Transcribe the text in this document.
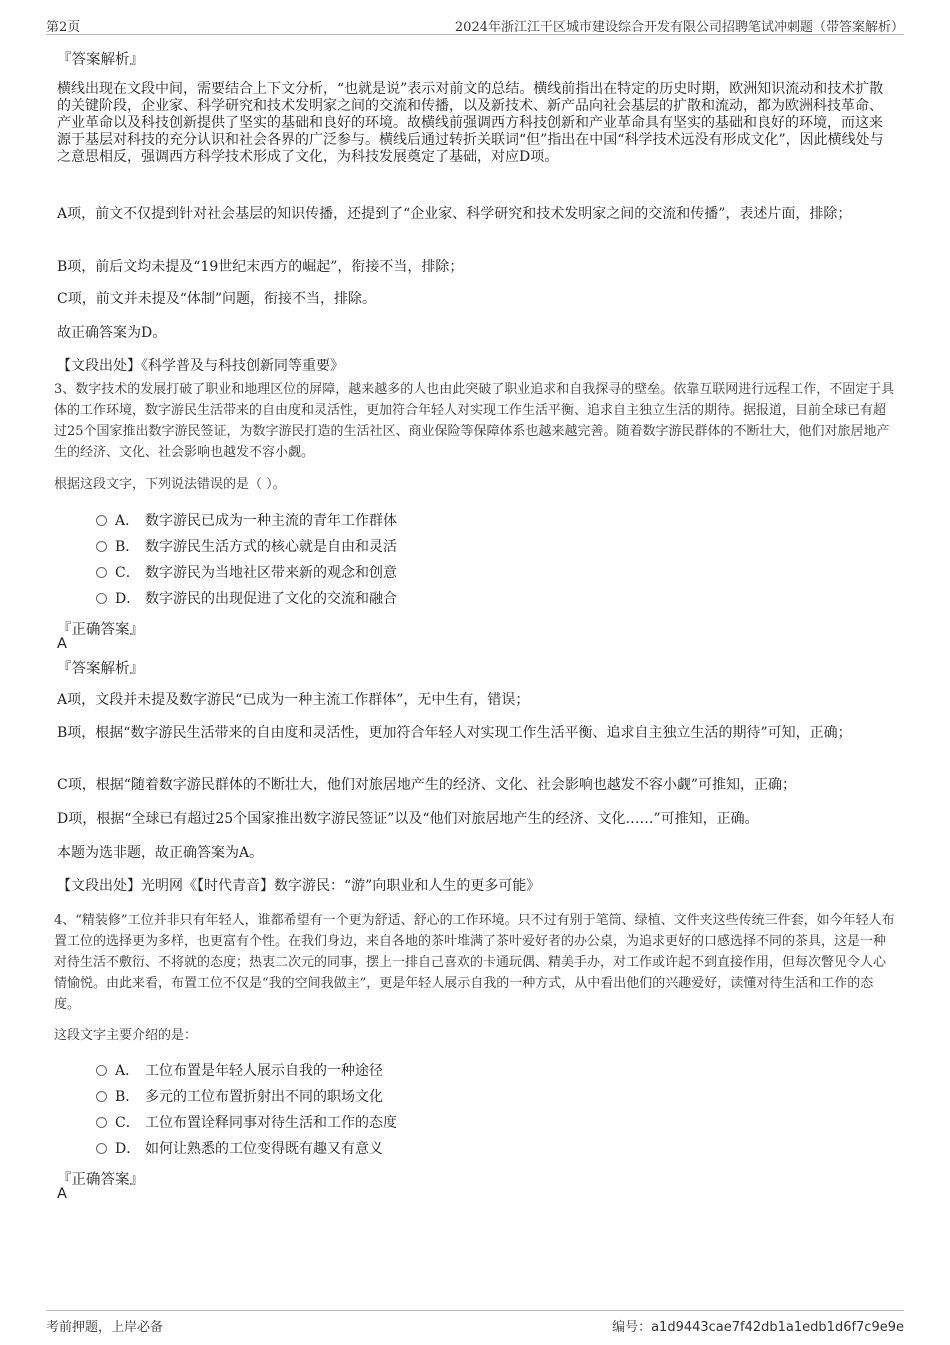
第2页	2024年浙江江干区城市建设综合开发有限公司招聘笔试冲刺题（带答案解析）

『答案解析』

横线出现在文段中间，需要结合上下文分析，“也就是说”表示对前文的总结。横线前指出在特定的历史时期，欧洲知识流动和技术扩散的关键阶段，企业家、科学研究和技术发明家之间的交流和传播，以及新技术、新产品向社会基层的扩散和流动，都为欧洲科技革命、产业革命以及科技创新提供了坚实的基础和良好的环境。故横线前强调西方科技创新和产业革命具有坚实的基础和良好的环境，而这来源于基层对科技的充分认识和社会各界的广泛参与。横线后通过转折关联词“但”指出在中国“科学技术远没有形成文化”，因此横线处与之意思相反，强调西方科学技术形成了文化，为科技发展奠定了基础，对应D项。

A项，前文不仅提到针对社会基层的知识传播，还提到了“企业家、科学研究和技术发明家之间的交流和传播”，表述片面，排除；

B项，前后文均未提及“19世纪末西方的崛起”，衔接不当，排除；

C项，前文并未提及“体制”问题，衔接不当，排除。

故正确答案为D。

【文段出处】《科学普及与科技创新同等重要》

3、数字技术的发展打破了职业和地理区位的屏障，越来越多的人也由此突破了职业追求和自我探寻的壁垒。依靠互联网进行远程工作，不固定于具体的工作环境，数字游民生活带来的自由度和灵活性，更加符合年轻人对实现工作生活平衡、追求自主独立生活的期待。据报道，目前全球已有超过25个国家推出数字游民签证，为数字游民打造的生活社区、商业保险等保障体系也越来越完善。随着数字游民群体的不断壮大，他们对旅居地产生的经济、文化、社会影响也越发不容小觑。

根据这段文字，下列说法错误的是（ ）。

A． 数字游民已成为一种主流的青年工作群体
B． 数字游民生活方式的核心就是自由和灵活
C． 数字游民为当地社区带来新的观念和创意
D． 数字游民的出现促进了文化的交流和融合

『正确答案』

A

『答案解析』

A项，文段并未提及数字游民“已成为一种主流工作群体”，无中生有，错误；

B项，根据“数字游民生活带来的自由度和灵活性，更加符合年轻人对实现工作生活平衡、追求自主独立生活的期待”可知，正确；

C项，根据“随着数字游民群体的不断壮大，他们对旅居地产生的经济、文化、社会影响也越发不容小觑”可推知，正确；

D项，根据“全球已有超过25个国家推出数字游民签证”以及“他们对旅居地产生的经济、文化……”可推知，正确。

本题为选非题，故正确答案为A。

【文段出处】光明网《【时代青音】数字游民：“游”向职业和人生的更多可能》

4、“精装修”工位并非只有年轻人，谁都希望有一个更为舒适、舒心的工作环境。只不过有别于笔筒、绿植、文件夹这些传统三件套，如今年轻人布置工位的选择更为多样，也更富有个性。在我们身边，来自各地的茶叶堆满了茶叶爱好者的办公桌，为追求更好的口感选择不同的茶具，这是一种对待生活不敷衍、不将就的态度；热衷二次元的同事，摆上一排自己喜欢的卡通玩偶、精美手办，对工作或许起不到直接作用，但每次瞥见令人心情愉悦。由此来看，布置工位不仅是“我的空间我做主”，更是年轻人展示自我的一种方式，从中看出他们的兴趣爱好，读懂对待生活和工作的态度。

这段文字主要介绍的是：

A． 工位布置是年轻人展示自我的一种途径
B． 多元的工位布置折射出不同的职场文化
C． 工位布置诠释同事对待生活和工作的态度
D． 如何让熟悉的工位变得既有趣又有意义

『正确答案』

A

考前押题，上岸必备	编号：a1d9443cae7f42db1a1edb1d6f7c9e9e
